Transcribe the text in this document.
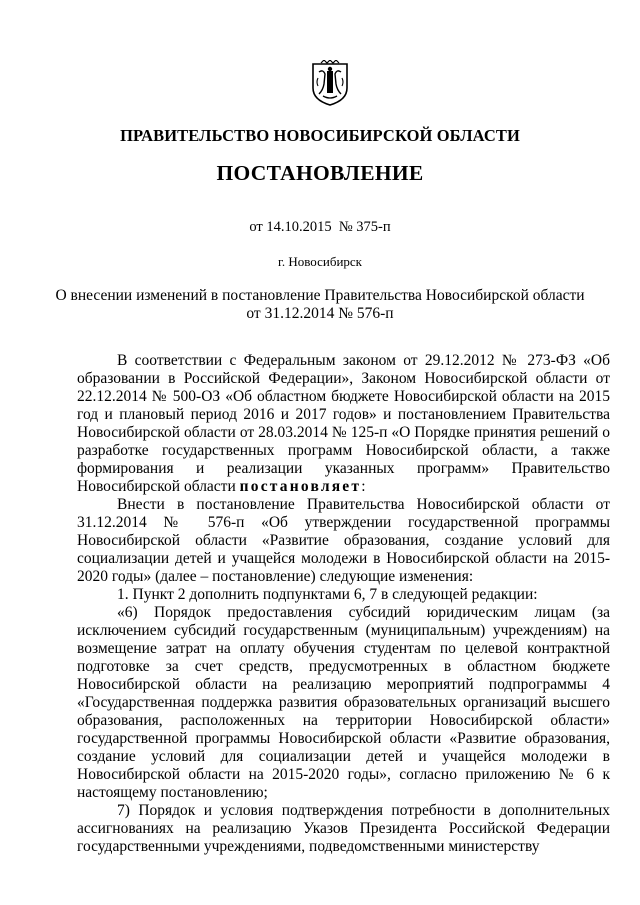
ПРАВИТЕЛЬСТВО НОВОСИБИРСКОЙ ОБЛАСТИ
ПОСТАНОВЛЕНИЕ
от 14.10.2015  № 375-п
г. Новосибирск
О внесении изменений в постановление Правительства Новосибирской области
от 31.12.2014 № 576-п

В соответствии с Федеральным законом от 29.12.2012 № 273-ФЗ «Об образовании в Российской Федерации», Законом Новосибирской области от 22.12.2014 № 500-ОЗ «Об областном бюджете Новосибирской области на 2015 год и плановый период 2016 и 2017 годов» и постановлением Правительства Новосибирской области от 28.03.2014 № 125-п «О Порядке принятия решений о разработке государственных программ Новосибирской области, а также формирования и реализации указанных программ» Правительство Новосибирской области постановляет:

Внести в постановление Правительства Новосибирской области от 31.12.2014 № 576-п «Об утверждении государственной программы Новосибирской области «Развитие образования, создание условий для социализации детей и учащейся молодежи в Новосибирской области на 2015-2020 годы» (далее – постановление) следующие изменения:

1. Пункт 2 дополнить подпунктами 6, 7 в следующей редакции:

«6) Порядок предоставления субсидий юридическим лицам (за исключением субсидий государственным (муниципальным) учреждениям) на возмещение затрат на оплату обучения студентам по целевой контрактной подготовке за счет средств, предусмотренных в областном бюджете Новосибирской области на реализацию мероприятий подпрограммы 4 «Государственная поддержка развития образовательных организаций высшего образования, расположенных на территории Новосибирской области» государственной программы Новосибирской области «Развитие образования, создание условий для социализации детей и учащейся молодежи в Новосибирской области на 2015-2020 годы», согласно приложению № 6 к настоящему постановлению;

7) Порядок и условия подтверждения потребности в дополнительных ассигнованиях на реализацию Указов Президента Российской Федерации государственными учреждениями, подведомственными министерству
